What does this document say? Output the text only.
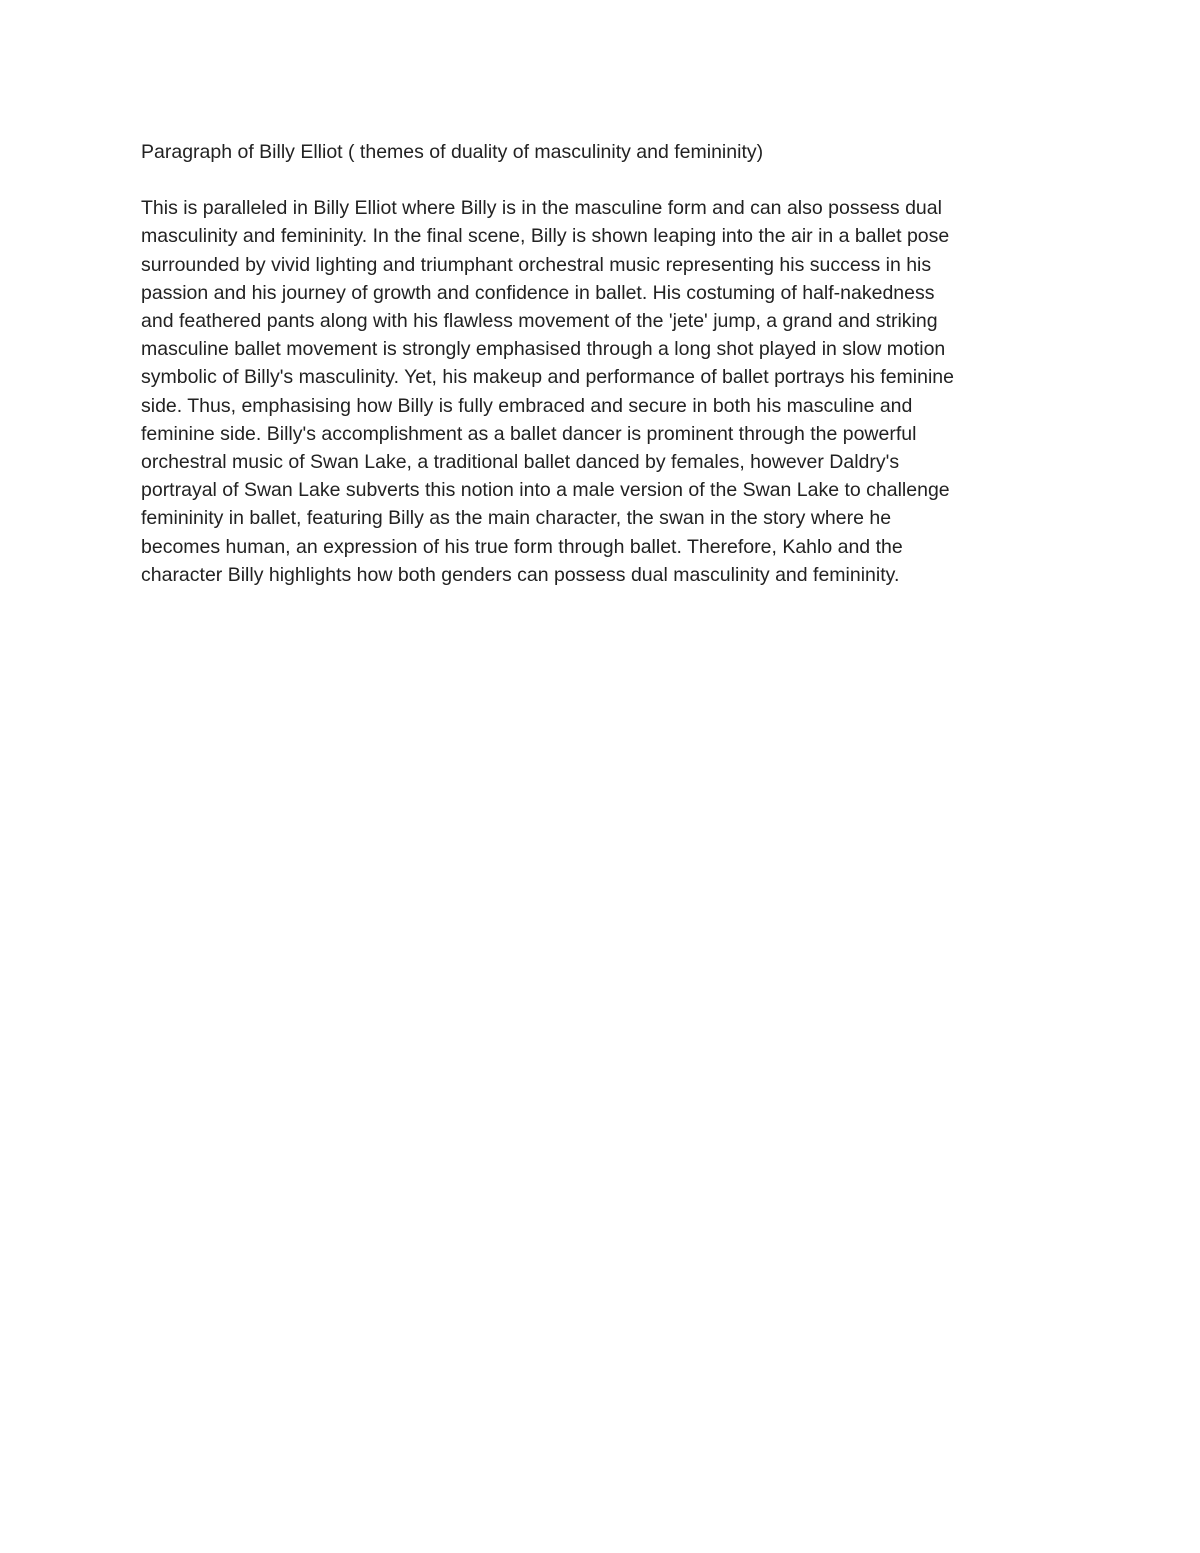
Paragraph of Billy Elliot ( themes of duality of masculinity and femininity)
This is paralleled in Billy Elliot where Billy is in the masculine form and can also possess dual
masculinity and femininity. In the final scene, Billy is shown leaping into the air in a ballet pose
surrounded by vivid lighting and triumphant orchestral music representing his success in his
passion and his journey of growth and confidence in ballet. His costuming of half-nakedness
and feathered pants along with his flawless movement of the 'jete' jump, a grand and striking
masculine ballet movement is strongly emphasised through a long shot played in slow motion
symbolic of Billy's masculinity. Yet, his makeup and performance of ballet portrays his feminine
side. Thus, emphasising how Billy is fully embraced and secure in both his masculine and
feminine side. Billy's accomplishment as a ballet dancer is prominent through the powerful
orchestral music of Swan Lake, a traditional ballet danced by females, however Daldry's
portrayal of Swan Lake subverts this notion into a male version of the Swan Lake to challenge
femininity in ballet, featuring Billy as the main character, the swan in the story where he
becomes human, an expression of his true form through ballet. Therefore, Kahlo and the
character Billy highlights how both genders can possess dual masculinity and femininity.
